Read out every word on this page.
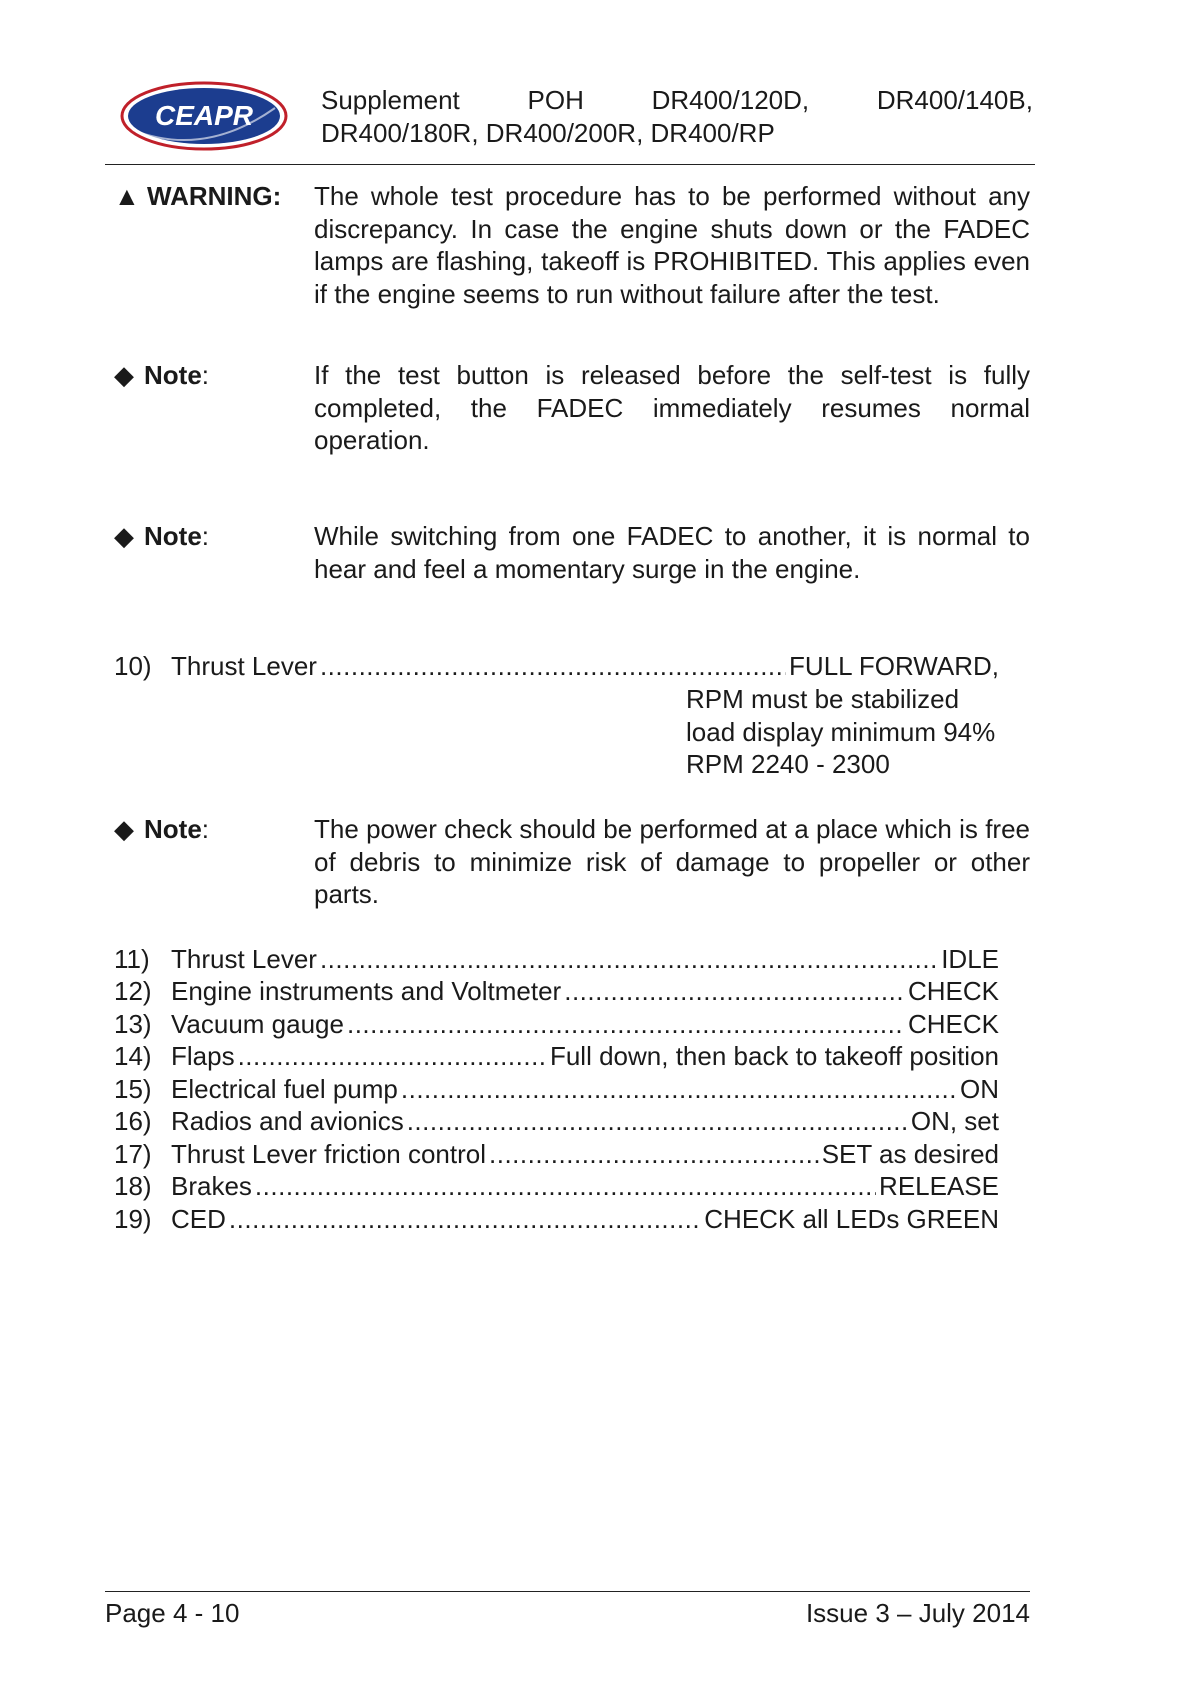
CEAPR	Supplement	POH	DR400/120D,	DR400/140B,
DR400/180R, DR400/200R, DR400/RP
▲ WARNING: The whole test procedure has to be performed without any discrepancy. In case the engine shuts down or the FADEC lamps are flashing, takeoff is PROHIBITED. This applies even if the engine seems to run without failure after the test.
◆ Note:	If the test button is released before the self-test is fully completed, the FADEC immediately resumes normal operation.
◆ Note:	While switching from one FADEC to another, it is normal to hear and feel a momentary surge in the engine.
10) Thrust Lever .....	FULL FORWARD,
RPM must be stabilized
load display minimum 94%
RPM 2240 - 2300
◆ Note:	The power check should be performed at a place which is free of debris to minimize risk of damage to propeller or other parts.
11) Thrust Lever .....	IDLE
12) Engine instruments and Voltmeter .....	CHECK
13) Vacuum gauge .....	CHECK
14) Flaps .....	Full down, then back to takeoff position
15) Electrical fuel pump .....	ON
16) Radios and avionics .....	ON, set
17) Thrust Lever friction control .....	SET as desired
18) Brakes .....	RELEASE
19) CED .....	CHECK all LEDs GREEN
Page 4 - 10	Issue 3 – July 2014
